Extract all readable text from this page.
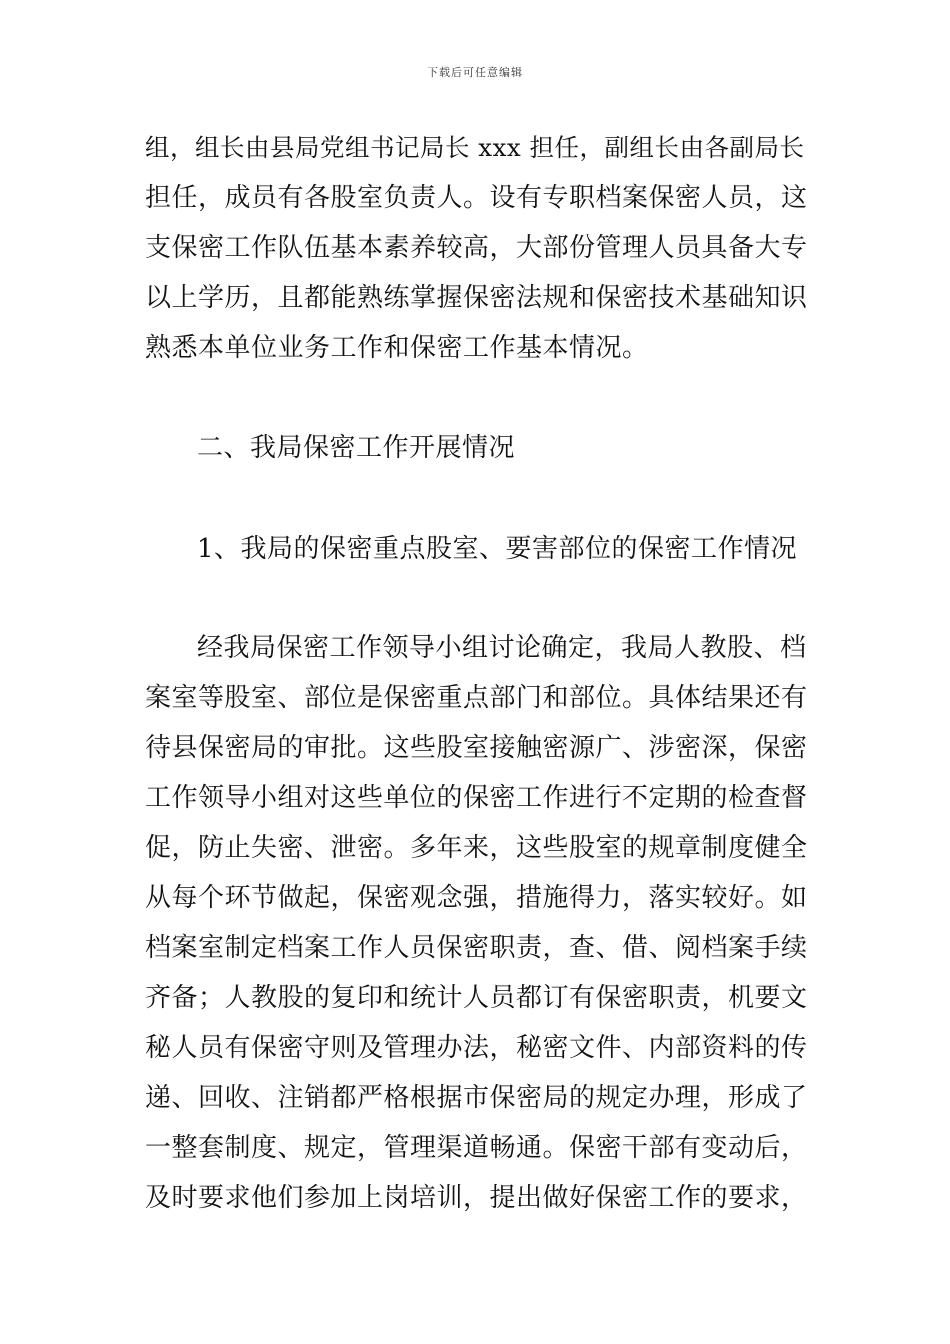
下载后可任意编辑
组，组长由县局党组书记局长 xxx 担任，副组长由各副局长
担任，成员有各股室负责人。设有专职档案保密人员，这
支保密工作队伍基本素养较高，大部份管理人员具备大专
以上学历，且都能熟练掌握保密法规和保密技术基础知识
熟悉本单位业务工作和保密工作基本情况。
二、我局保密工作开展情况
1、我局的保密重点股室、要害部位的保密工作情况
经我局保密工作领导小组讨论确定，我局人教股、档
案室等股室、部位是保密重点部门和部位。具体结果还有
待县保密局的审批。这些股室接触密源广、涉密深，保密
工作领导小组对这些单位的保密工作进行不定期的检查督
促，防止失密、泄密。多年来，这些股室的规章制度健全
从每个环节做起，保密观念强，措施得力，落实较好。如
档案室制定档案工作人员保密职责，查、借、阅档案手续
齐备；人教股的复印和统计人员都订有保密职责，机要文
秘人员有保密守则及管理办法，秘密文件、内部资料的传
递、回收、注销都严格根据市保密局的规定办理，形成了
一整套制度、规定，管理渠道畅通。保密干部有变动后，
及时要求他们参加上岗培训，提出做好保密工作的要求，
